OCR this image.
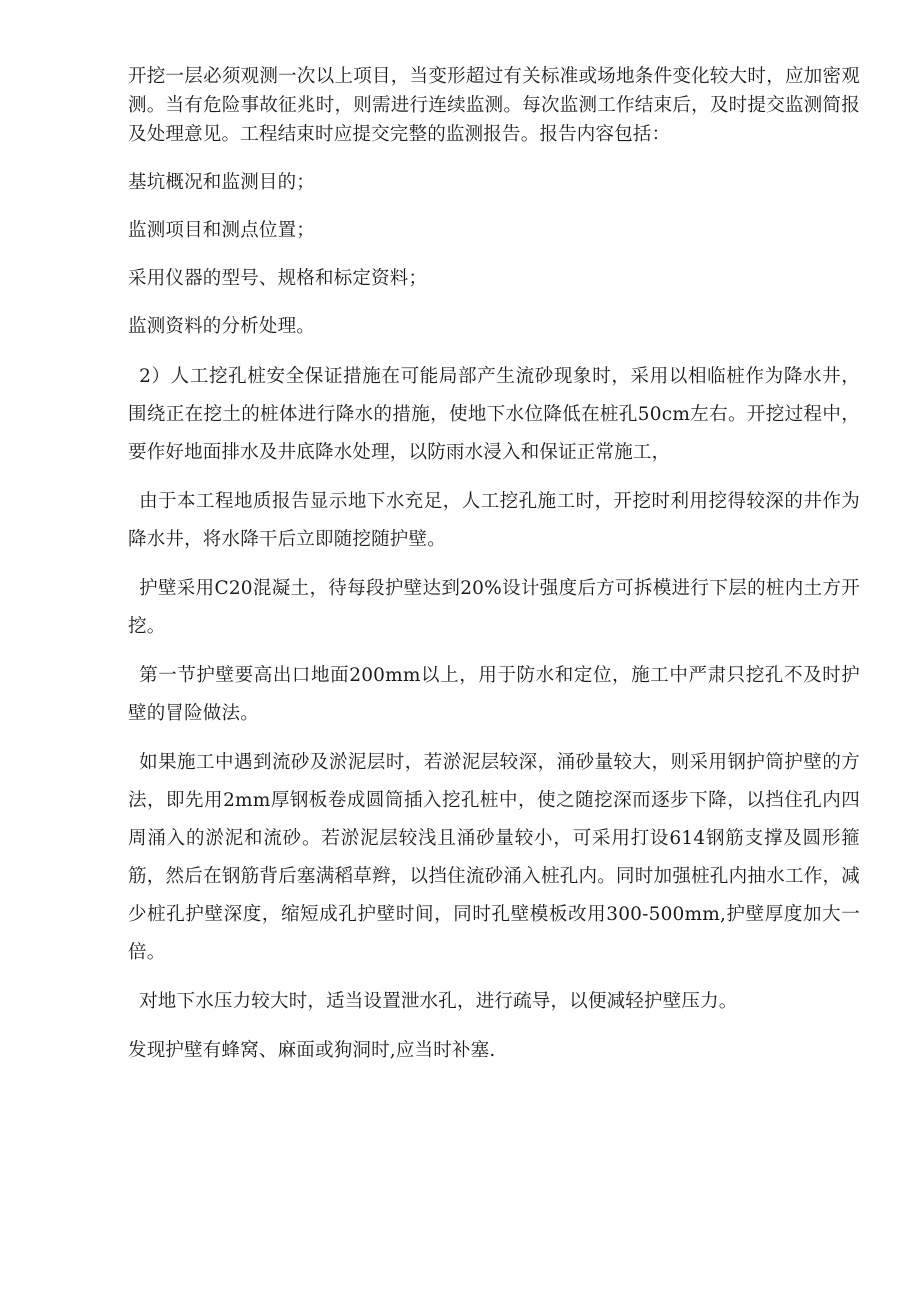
开挖一层必须观测一次以上项目，当变形超过有关标准或场地条件变化较大时，应加密观测。当有危险事故征兆时，则需进行连续监测。每次监测工作结束后，及时提交监测简报及处理意见。工程结束时应提交完整的监测报告。报告内容包括：

基坑概况和监测目的；

监测项目和测点位置；

采用仪器的型号、规格和标定资料；

监测资料的分析处理。

2）人工挖孔桩安全保证措施在可能局部产生流砂现象时，采用以相临桩作为降水井，围绕正在挖土的桩体进行降水的措施，使地下水位降低在桩孔50cm左右。开挖过程中，要作好地面排水及井底降水处理，以防雨水浸入和保证正常施工，

由于本工程地质报告显示地下水充足，人工挖孔施工时，开挖时利用挖得较深的井作为降水井，将水降干后立即随挖随护壁。

护壁采用C20混凝土，待每段护壁达到20%设计强度后方可拆模进行下层的桩内土方开挖。

第一节护壁要高出口地面200mm以上，用于防水和定位，施工中严肃只挖孔不及时护壁的冒险做法。

如果施工中遇到流砂及淤泥层时，若淤泥层较深，涌砂量较大，则采用钢护筒护壁的方法，即先用2mm厚钢板卷成圆筒插入挖孔桩中，使之随挖深而逐步下降，以挡住孔内四周涌入的淤泥和流砂。若淤泥层较浅且涌砂量较小，可采用打设614钢筋支撑及圆形箍筋，然后在钢筋背后塞满稻草辫，以挡住流砂涌入桩孔内。同时加强桩孔内抽水工作，减少桩孔护壁深度，缩短成孔护壁时间，同时孔壁模板改用300-500mm,护壁厚度加大一倍。

对地下水压力较大时，适当设置泄水孔，进行疏导，以便减轻护壁压力。

发现护壁有蜂窝、麻面或狗洞时,应当时补塞.
